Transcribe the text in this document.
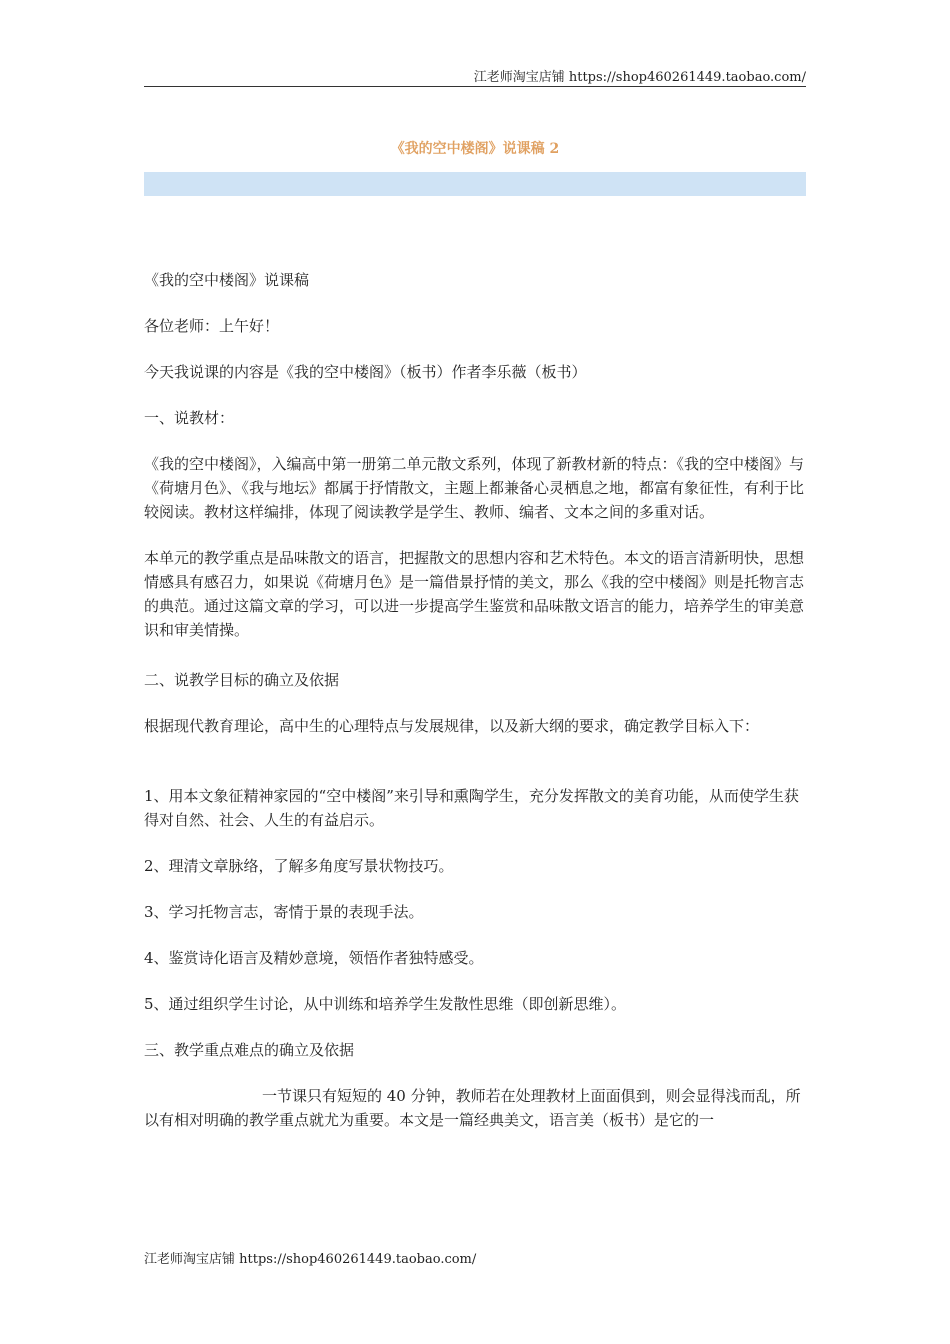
江老师淘宝店铺 https://shop460261449.taobao.com/
《我的空中楼阁》说课稿 2

《我的空中楼阁》说课稿

各位老师：上午好！

今天我说课的内容是《我的空中楼阁》（板书）作者李乐薇（板书）

一、说教材：

《我的空中楼阁》，入编高中第一册第二单元散文系列，体现了新教材新的特点：《我的空中楼阁》与《荷塘月色》、《我与地坛》都属于抒情散文，主题上都兼备心灵栖息之地，都富有象征性，有利于比较阅读。教材这样编排，体现了阅读教学是学生、教师、编者、文本之间的多重对话。

本单元的教学重点是品味散文的语言，把握散文的思想内容和艺术特色。本文的语言清新明快，思想情感具有感召力，如果说《荷塘月色》是一篇借景抒情的美文，那么《我的空中楼阁》则是托物言志的典范。通过这篇文章的学习，可以进一步提高学生鉴赏和品味散文语言的能力，培养学生的审美意识和审美情操。

二、说教学目标的确立及依据

根据现代教育理论，高中生的心理特点与发展规律，以及新大纲的要求，确定教学目标入下：

1、用本文象征精神家园的“空中楼阁”来引导和熏陶学生，充分发挥散文的美育功能，从而使学生获得对自然、社会、人生的有益启示。

2、理清文章脉络，了解多角度写景状物技巧。

3、学习托物言志，寄情于景的表现手法。

4、鉴赏诗化语言及精妙意境，领悟作者独特感受。

5、通过组织学生讨论，从中训练和培养学生发散性思维（即创新思维）。

三、教学重点难点的确立及依据

一节课只有短短的 40 分钟，教师若在处理教材上面面俱到，则会显得浅而乱，所以有相对明确的教学重点就尤为重要。本文是一篇经典美文，语言美（板书）是它的一

江老师淘宝店铺 https://shop460261449.taobao.com/
